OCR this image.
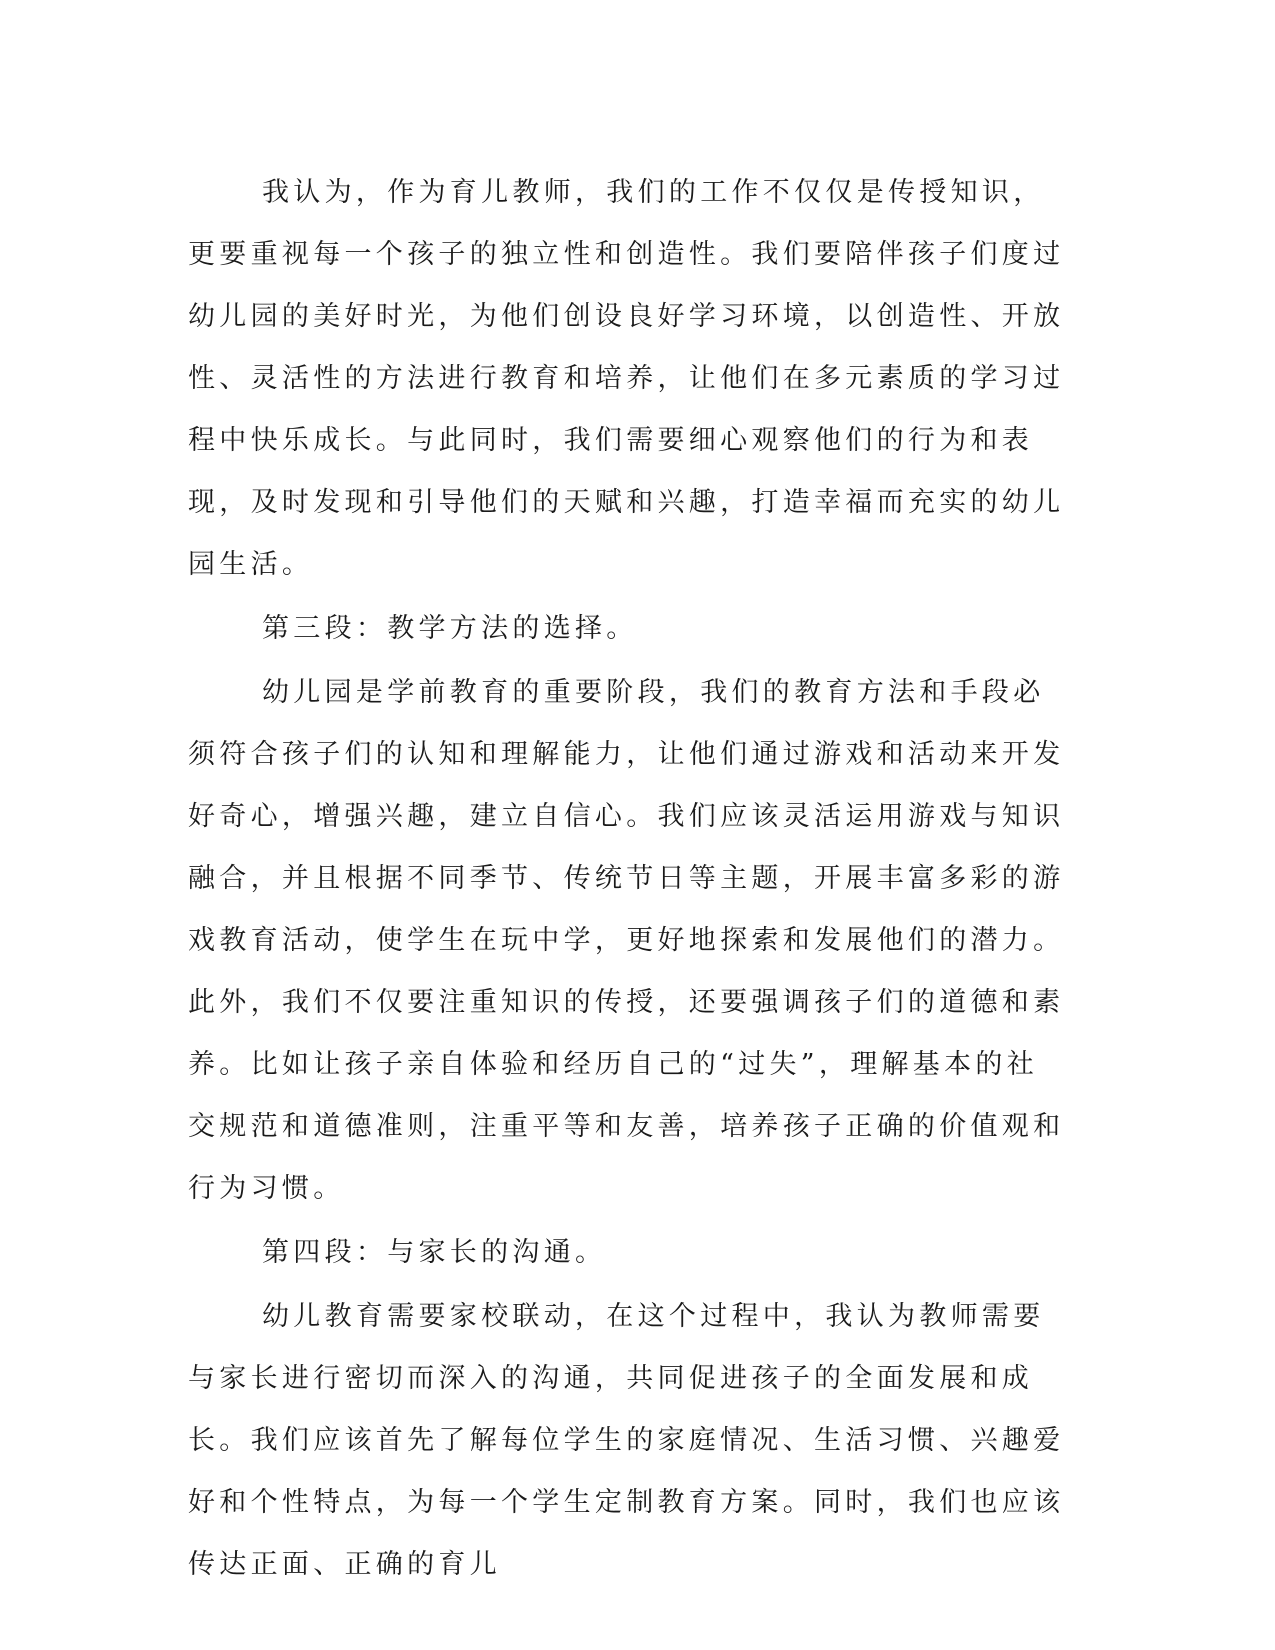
我认为，作为育儿教师，我们的工作不仅仅是传授知识，更要重视每一个孩子的独立性和创造性。我们要陪伴孩子们度过幼儿园的美好时光，为他们创设良好学习环境，以创造性、开放性、灵活性的方法进行教育和培养，让他们在多元素质的学习过程中快乐成长。与此同时，我们需要细心观察他们的行为和表现，及时发现和引导他们的天赋和兴趣，打造幸福而充实的幼儿园生活。

第三段：教学方法的选择。

幼儿园是学前教育的重要阶段，我们的教育方法和手段必须符合孩子们的认知和理解能力，让他们通过游戏和活动来开发好奇心，增强兴趣，建立自信心。我们应该灵活运用游戏与知识融合，并且根据不同季节、传统节日等主题，开展丰富多彩的游戏教育活动，使学生在玩中学，更好地探索和发展他们的潜力。此外，我们不仅要注重知识的传授，还要强调孩子们的道德和素养。比如让孩子亲自体验和经历自己的“过失”，理解基本的社交规范和道德准则，注重平等和友善，培养孩子正确的价值观和行为习惯。

第四段：与家长的沟通。

幼儿教育需要家校联动，在这个过程中，我认为教师需要与家长进行密切而深入的沟通，共同促进孩子的全面发展和成长。我们应该首先了解每位学生的家庭情况、生活习惯、兴趣爱好和个性特点，为每一个学生定制教育方案。同时，我们也应该传达正面、正确的育儿
